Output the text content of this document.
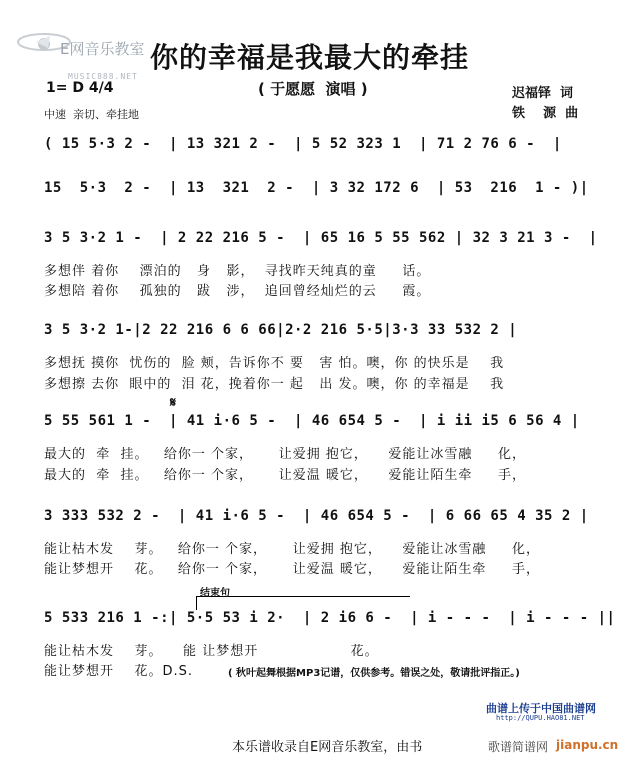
E网音乐教室
MUSIC888.NET
你的幸福是我最大的牵挂
( 于愿愿  演唱 )
1= D 4/4
中速  亲切、牵挂地
迟福铎  词
铁    源  曲
( 15 5·3 2 -  | 13 321 2 -  | 5 52 323 1  | 71 2 76 6 -  |
15  5·3  2 -  | 13  321  2 -  | 3 32 172 6  | 53  216  1 - )|
3 5 3·2 1 -  | 2 22 216 5 -  | 65 16 5 55 562 | 32 3 21 3 -  |
多想伴 着你    漂泊的   身   影，  寻找昨天纯真的童     话。
多想陪 着你    孤独的   跋   涉，  追回曾经灿烂的云     霞。
3 5 3·2 1-|2 22 216 6 6 66|2·2 216 5·5|3·3 33 532 2 |
多想抚 摸你  忧伤的  脸 颊，告诉你不 要   害 怕。噢，你 的快乐是    我
多想擦 去你  眼中的  泪 花，挽着你一 起   出 发。噢，你 的幸福是    我
𝄋
5 55 561 1 -  | 41 i·6 5 -  | 46 654 5 -  | i ii i5 6 56 4 |
最大的  牵  挂。   给你一 个家，     让爱拥 抱它，    爱能让冰雪融     化，
最大的  牵  挂。   给你一 个家，     让爱温 暖它，    爱能让陌生牵     手，
3 333 532 2 -  | 41 i·6 5 -  | 46 654 5 -  | 6 66 65 4 35 2 |
能让枯木发    芽。   给你一 个家，     让爱拥 抱它，    爱能让冰雪融     化，
能让梦想开    花。   给你一 个家，     让爱温 暖它，    爱能让陌生牵     手，
结束句
5 533 216 1 -:| 5·5 53 i 2·  | 2 i6 6 -  | i - - -  | i - - - ||
能让枯木发    芽。    能 让梦想开                  花。
能让梦想开    花。D.S.	( 秋叶起舞根据MP3记谱，仅供参考。错误之处，敬请批评指正。)
本乐谱收录自E网音乐教室，由书
曲谱上传于中国曲谱网
http://QUPU.HAO81.NET
歌谱简谱网 jianpu.cn
